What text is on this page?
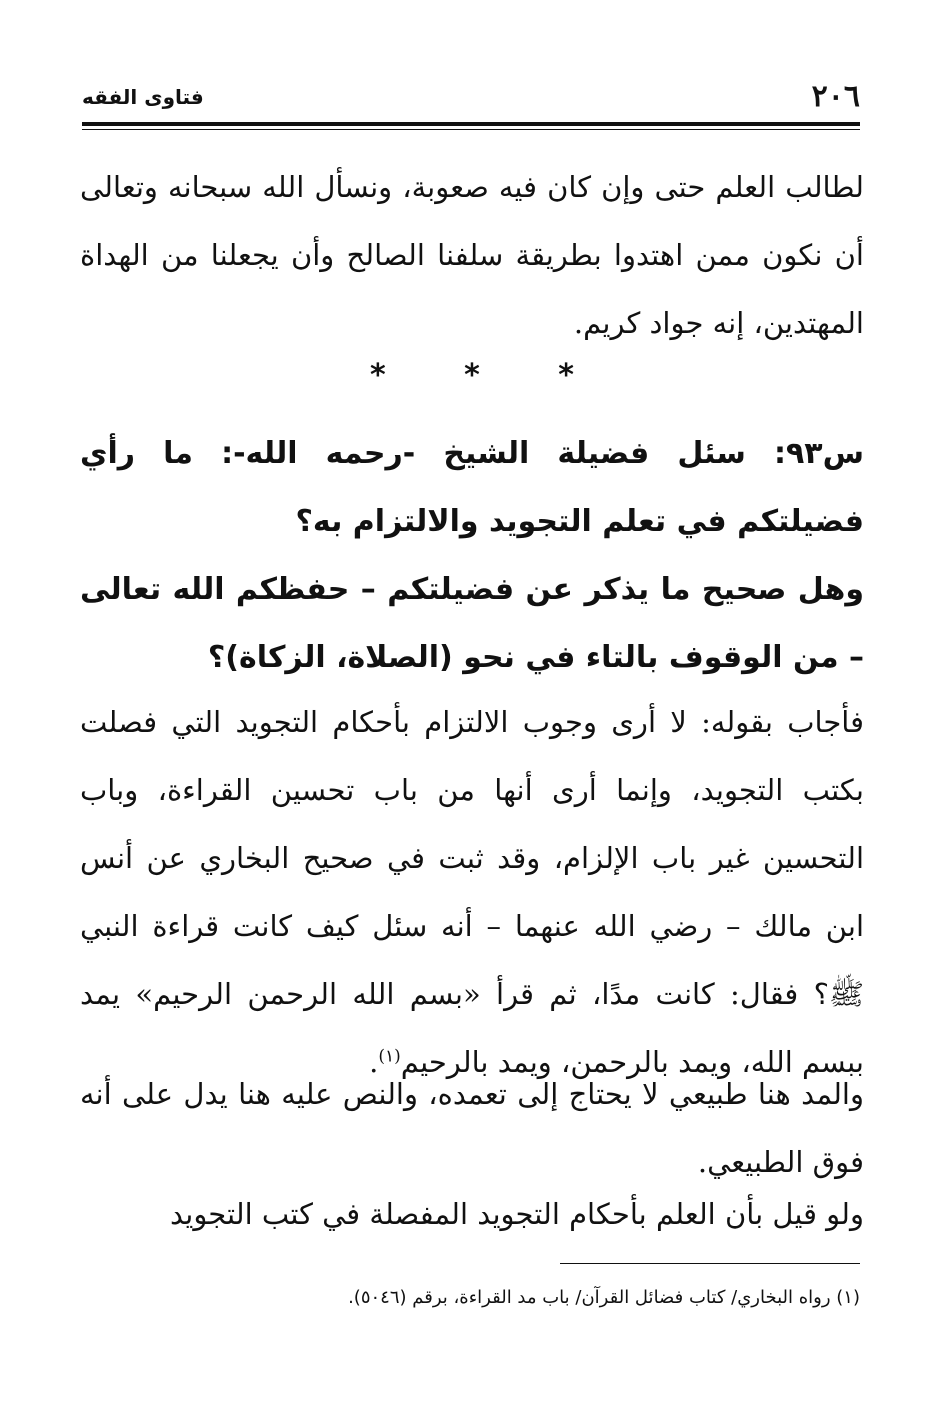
٢٠٦
فتاوى الفقه

لطالب العلم حتى وإن كان فيه صعوبة، ونسأل الله سبحانه وتعالى أن نكون ممن اهتدوا بطريقة سلفنا الصالح وأن يجعلنا من الهداة المهتدين، إنه جواد كريم.

* * *

س٩٣: سئل فضيلة الشيخ -رحمه الله-: ما رأي فضيلتكم في تعلم التجويد والالتزام به؟

وهل صحيح ما يذكر عن فضيلتكم – حفظكم الله تعالى – من الوقوف بالتاء في نحو (الصلاة، الزكاة)؟

فأجاب بقوله: لا أرى وجوب الالتزام بأحكام التجويد التي فصلت بكتب التجويد، وإنما أرى أنها من باب تحسين القراءة، وباب التحسين غير باب الإلزام، وقد ثبت في صحيح البخاري عن أنس ابن مالك – رضي الله عنهما – أنه سئل كيف كانت قراءة النبي ﷺ؟ فقال: كانت مدًا، ثم قرأ «بسم الله الرحمن الرحيم» يمد ببسم الله، ويمد بالرحمن، ويمد بالرحيم$^{(١)}$.

والمد هنا طبيعي لا يحتاج إلى تعمده، والنص عليه هنا يدل على أنه فوق الطبيعي.

ولو قيل بأن العلم بأحكام التجويد المفصلة في كتب التجويد

(١) رواه البخاري/ كتاب فضائل القرآن/ باب مد القراءة، برقم (٥٠٤٦).
